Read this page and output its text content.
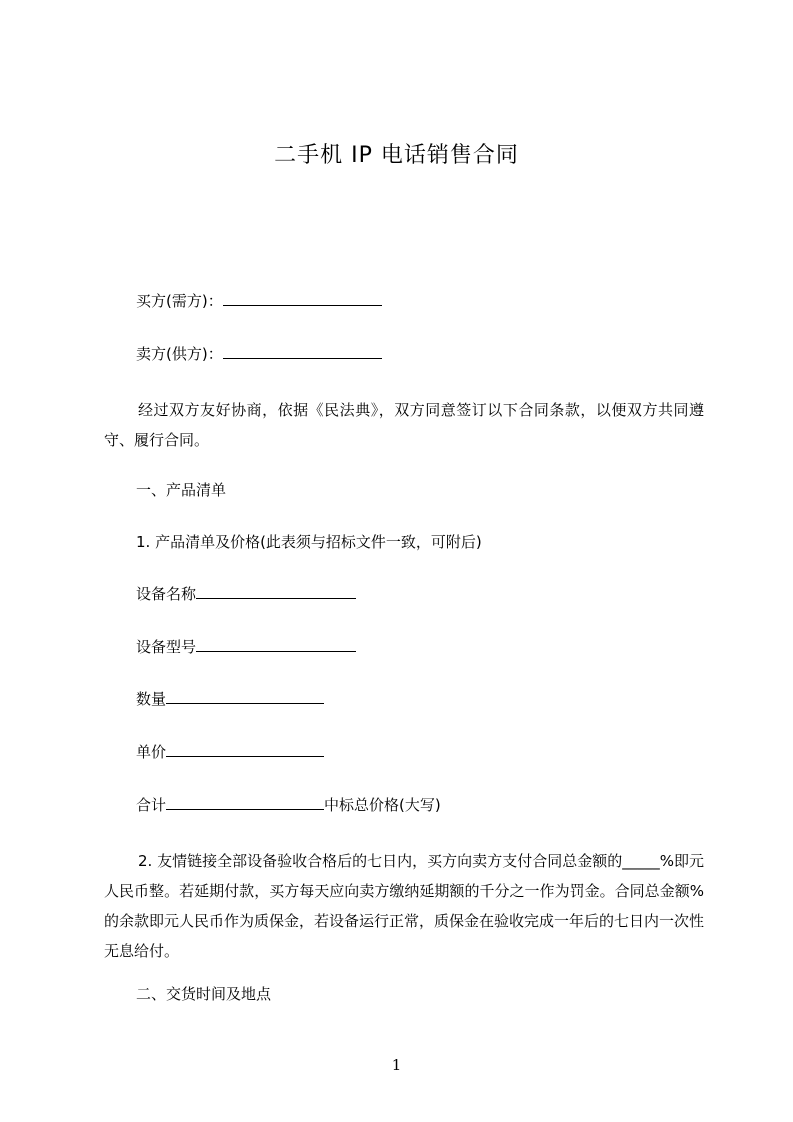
二手机 IP 电话销售合同
买方(需方)：
卖方(供方)：
经过双方友好协商，依据《民法典》，双方同意签订以下合同条款，以便双方共同遵守、履行合同。
一、产品清单
1. 产品清单及价格(此表须与招标文件一致，可附后)
设备名称
设备型号
数量
单价
合计	中标总价格(大写)
2. 友情链接全部设备验收合格后的七日内，买方向卖方支付合同总金额的_____%即元人民币整。若延期付款，买方每天应向卖方缴纳延期额的千分之一作为罚金。合同总金额%的余款即元人民币作为质保金，若设备运行正常，质保金在验收完成一年后的七日内一次性无息给付。
二、交货时间及地点
1
